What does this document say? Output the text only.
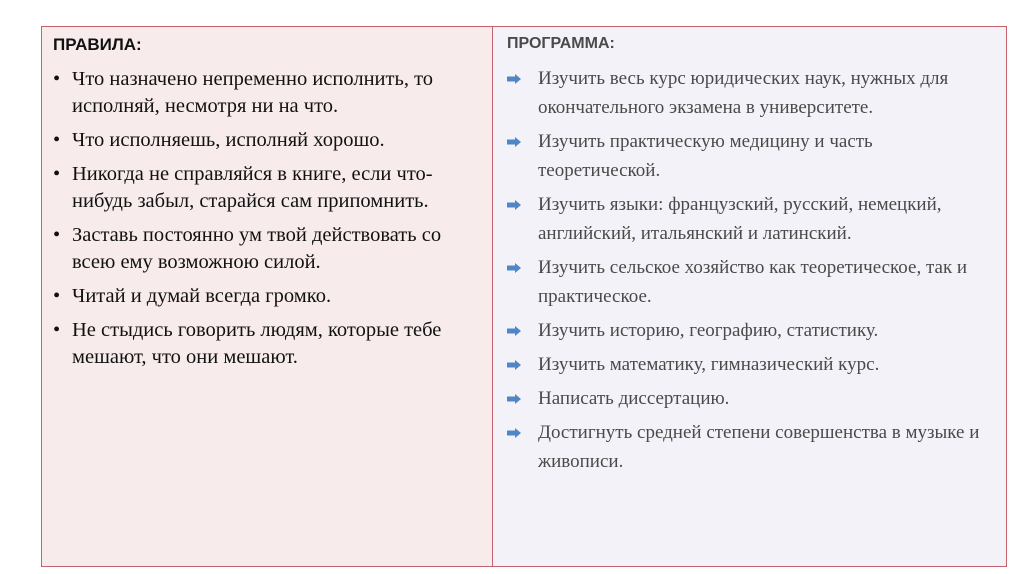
ПРАВИЛА:
• Что назначено непременно исполнить, то исполняй, несмотря ни на что.
• Что исполняешь, исполняй хорошо.
• Никогда не справляйся в книге, если что-нибудь забыл, старайся сам припомнить.
• Заставь постоянно ум твой действовать со всею ему возможною силой.
• Читай и думай всегда громко.
• Не стыдись говорить людям, которые тебе мешают, что они мешают.
ПРОГРАММА:
Изучить весь курс юридических наук, нужных для окончательного экзамена в университете.
Изучить практическую медицину и часть теоретической.
Изучить языки: французский, русский, немецкий, английский, итальянский и латинский.
Изучить сельское хозяйство как теоретическое, так и практическое.
Изучить историю, географию, статистику.
Изучить математику, гимназический курс.
Написать диссертацию.
Достигнуть средней степени совершенства в музыке и живописи.
